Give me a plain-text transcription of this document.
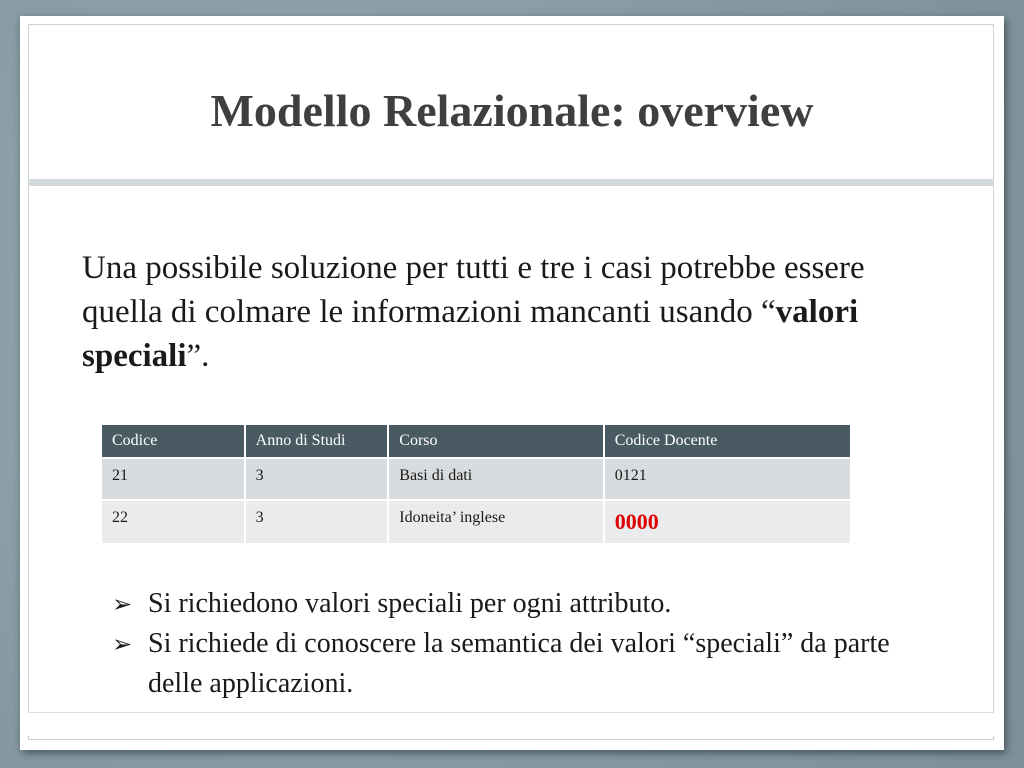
Modello Relazionale: overview
Una possibile soluzione per tutti e tre i casi potrebbe essere quella di colmare le informazioni mancanti usando “valori speciali”.
Codice	Anno di Studi	Corso	Codice Docente
21	3	Basi di dati	0121
22	3	Idoneita’ inglese	0000
➢ Si richiedono valori speciali per ogni attributo.
➢ Si richiede di conoscere la semantica dei valori “speciali” da parte delle applicazioni.
